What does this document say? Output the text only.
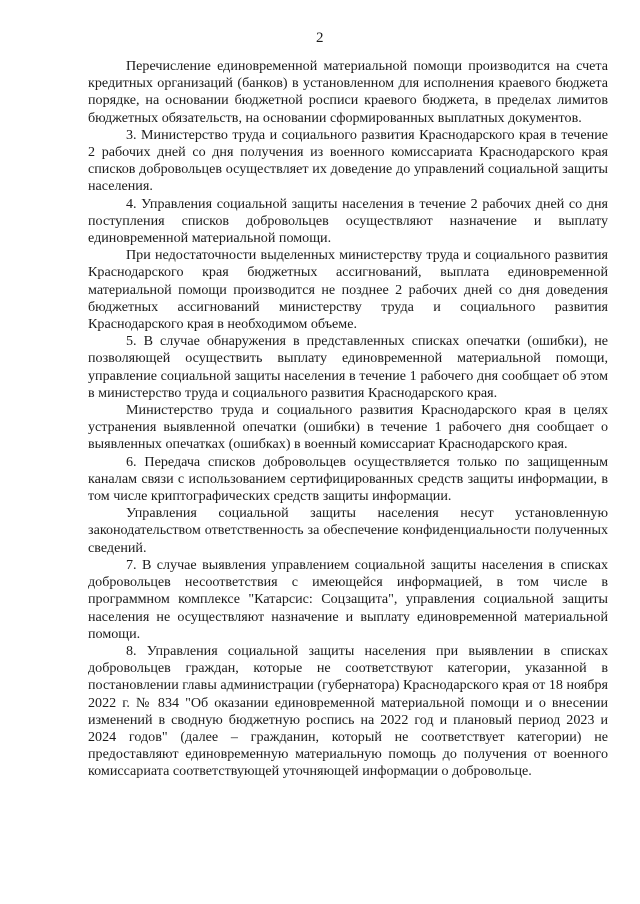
2

Перечисление единовременной материальной помощи производится на счета кредитных организаций (банков) в установленном для исполнения краевого бюджета порядке, на основании бюджетной росписи краевого бюджета, в пределах лимитов бюджетных обязательств, на основании сформированных выплатных документов.

3. Министерство труда и социального развития Краснодарского края в течение 2 рабочих дней со дня получения из военного комиссариата Краснодарского края списков добровольцев осуществляет их доведение до управлений социальной защиты населения.

4. Управления социальной защиты населения в течение 2 рабочих дней со дня поступления списков добровольцев осуществляют назначение и выплату единовременной материальной помощи.

При недостаточности выделенных министерству труда и социального развития Краснодарского края бюджетных ассигнований, выплата единовременной материальной помощи производится не позднее 2 рабочих дней со дня доведения бюджетных ассигнований министерству труда и социального развития Краснодарского края в необходимом объеме.

5. В случае обнаружения в представленных списках опечатки (ошибки), не позволяющей осуществить выплату единовременной материальной помощи, управление социальной защиты населения в течение 1 рабочего дня сообщает об этом в министерство труда и социального развития Краснодарского края.

Министерство труда и социального развития Краснодарского края в целях устранения выявленной опечатки (ошибки) в течение 1 рабочего дня сообщает о выявленных опечатках (ошибках) в военный комиссариат Краснодарского края.

6. Передача списков добровольцев осуществляется только по защищенным каналам связи с использованием сертифицированных средств защиты информации, в том числе криптографических средств защиты информации.

Управления социальной защиты населения несут установленную законодательством ответственность за обеспечение конфиденциальности полученных сведений.

7. В случае выявления управлением социальной защиты населения в списках добровольцев несоответствия с имеющейся информацией, в том числе в программном комплексе "Катарсис: Соцзащита", управления социальной защиты населения не осуществляют назначение и выплату единовременной материальной помощи.

8. Управления социальной защиты населения при выявлении в списках добровольцев граждан, которые не соответствуют категории, указанной в постановлении главы администрации (губернатора) Краснодарского края от 18 ноября 2022 г. № 834 "Об оказании единовременной материальной помощи и о внесении изменений в сводную бюджетную роспись на 2022 год и плановый период 2023 и 2024 годов" (далее – гражданин, который не соответствует категории) не предоставляют единовременную материальную помощь до получения от военного комиссариата соответствующей уточняющей информации о добровольце.
